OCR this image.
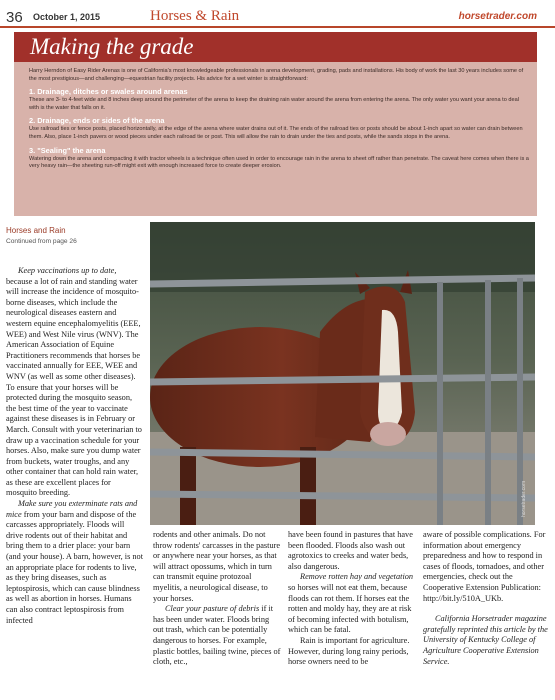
36 October 1, 2015	Horses & Rain	horsetrader.com
Making the grade

Harry Herndon of Easy Rider Arenas is one of California's most knowledgeable professionals in arena development, grading, pads and installations. His body of work the last 30 years includes some of the most prestigious—and challenging—equestrian facility projects. His advice for a wet winter is straightforward:

1. Drainage, ditches or swales around arenas

These are 3- to 4-feet wide and 8 inches deep around the perimeter of the arena to keep the draining rain water around the arena from entering the arena. The only water you want your arena to deal with is the water that falls on it.

2. Drainage, ends or sides of the arena

Use railroad ties or fence posts, placed horizontally, at the edge of the arena where water drains out of it. The ends of the railroad ties or posts should be about 1-inch apart so water can drain between them. Also, place 1-inch pavers or wood pieces under each railroad tie or post. This will allow the rain to drain under the ties and posts, while the sands stops in the arena.

3. "Sealing" the arena

Watering down the arena and compacting it with tractor wheels is a technique often used in order to encourage rain in the arena to sheet off rather than penetrate. The caveat here comes when there is a very heavy rain—the sheeting run-off might exit with enough increased force to create deeper erosion.

Horses and Rain
Continued from page 26
horsetrader.com

Keep vaccinations up to date, because a lot of rain and standing water will increase the incidence of mosquito-borne diseases, which include the neurological diseases eastern and western equine encephalomyelitis (EEE, WEE) and West Nile virus (WNV). The American Association of Equine Practitioners recommends that horses be vaccinated annually for EEE, WEE and WNV (as well as some other diseases). To ensure that your horses will be protected during the mosquito season, the best time of the year to vaccinate against these diseases is in February or March. Consult with your veterinarian to draw up a vaccination schedule for your horses. Also, make sure you dump water from buckets, water troughs, and any other container that can hold rain water, as these are excellent places for mosquito breeding.

Make sure you exterminate rats and mice from your barn and dispose of the carcasses appropriately. Floods will drive rodents out of their habitat and bring them to a drier place: your barn (and your house). A barn, however, is not an appropriate place for rodents to live, as they bring diseases, such as leptospirosis, which can cause blindness as well as abortion in horses. Humans can also contract leptospirosis from infected

rodents and other animals. Do not throw rodents' carcasses in the pasture or anywhere near your horses, as that will attract opossums, which in turn can transmit equine protozoal myelitis, a neurological disease, to your horses.

Clear your pasture of debris if it has been under water. Floods bring out trash, which can be potentially dangerous to horses. For example, plastic bottles, bailing twine, pieces of cloth, etc.,

have been found in pastures that have been flooded. Floods also wash out agrotoxics to creeks and water beds, also dangerous.

Remove rotten hay and vegetation so horses will not eat them, because floods can rot them. If horses eat the rotten and moldy hay, they are at risk of becoming infected with botulism, which can be fatal.

Rain is important for agriculture. However, during long rainy periods, horse owners need to be

aware of possible complications. For information about emergency preparedness and how to respond in cases of floods, tornadoes, and other emergencies, check out the Cooperative Extension Publication: http://bit.ly/510A_UKb.

California Horsetrader magazine gratefully reprinted this article by the University of Kentucky College of Agriculture Cooperative Extension Service.
